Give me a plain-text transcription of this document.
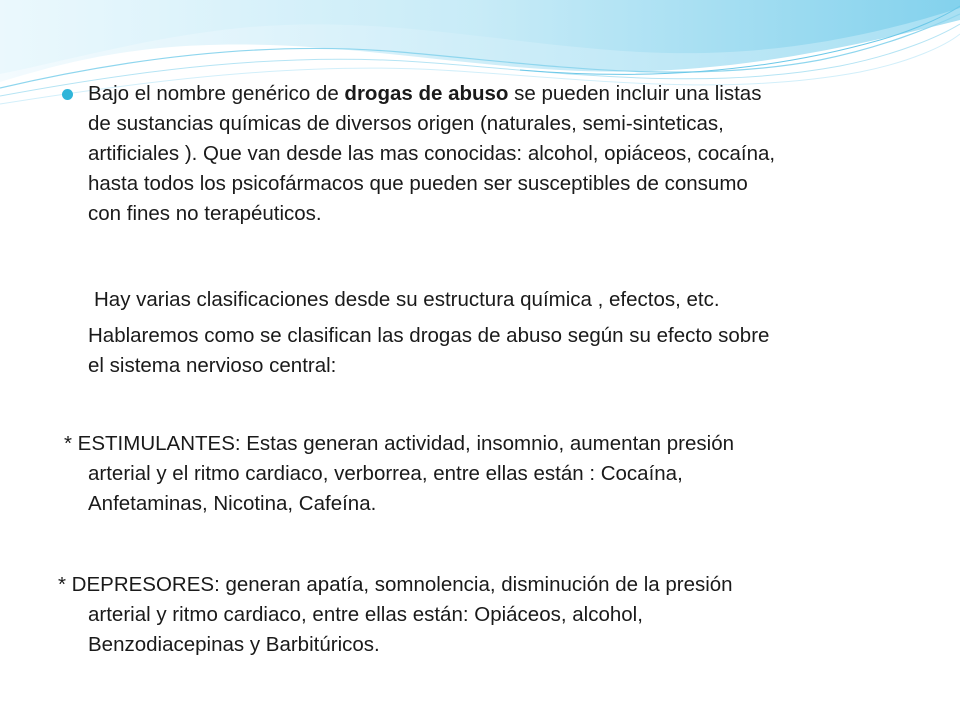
Bajo el nombre genérico de drogas de abuso se pueden incluir una listas
de sustancias químicas de diversos origen (naturales, semi-sinteticas,
artificiales ). Que van desde las mas conocidas: alcohol, opiáceos, cocaína,
hasta todos los psicofármacos que pueden ser susceptibles de consumo
con fines no terapéuticos.

Hay varias clasificaciones desde su estructura química , efectos, etc.

Hablaremos como se clasifican las drogas de abuso según su efecto sobre
el sistema nervioso central:

* ESTIMULANTES: Estas generan actividad, insomnio, aumentan presión
arterial y el ritmo cardiaco, verborrea, entre ellas están : Cocaína,
Anfetaminas, Nicotina, Cafeína.

* DEPRESORES: generan apatía, somnolencia, disminución de la presión
arterial y ritmo cardiaco, entre ellas están: Opiáceos, alcohol,
Benzodiacepinas y Barbitúricos.
